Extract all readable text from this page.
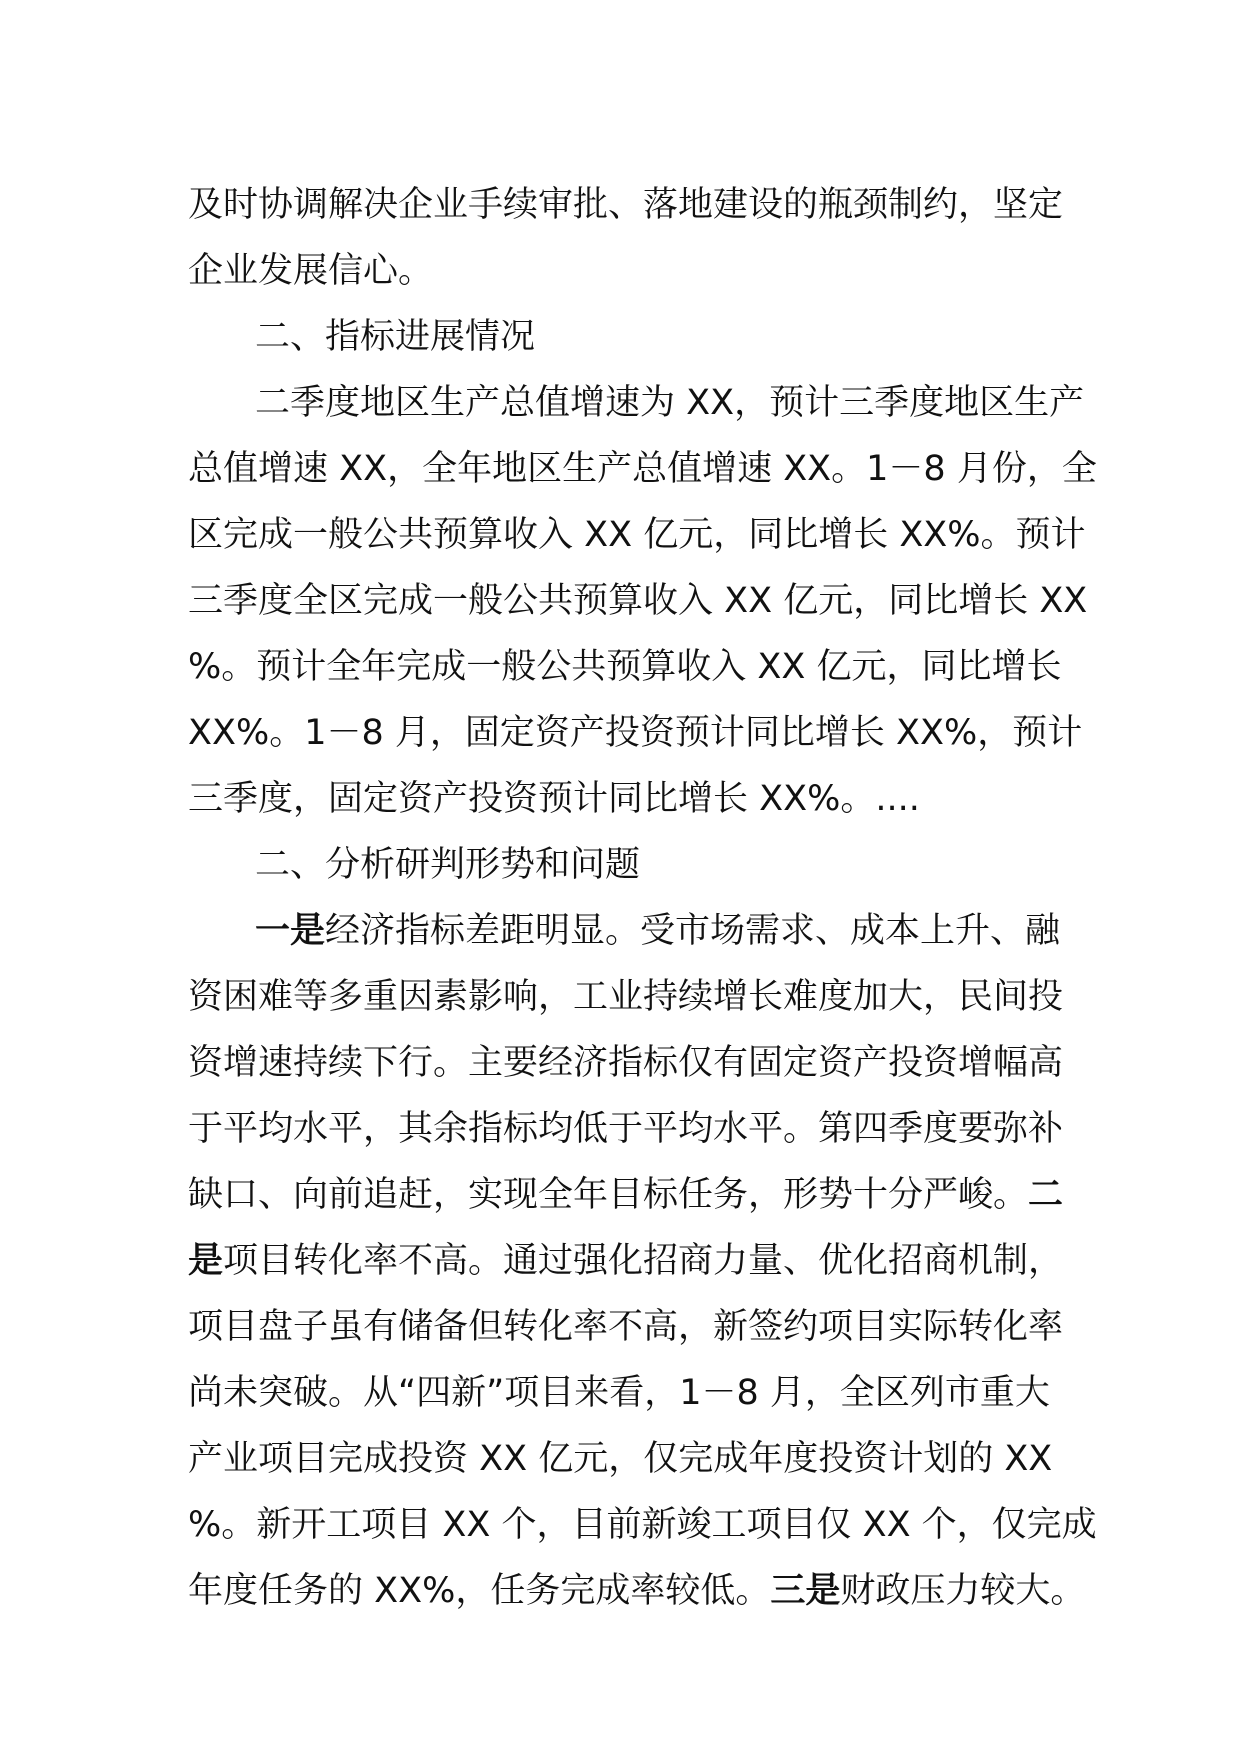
及时协调解决企业手续审批、落地建设的瓶颈制约，坚定
企业发展信心。
二、指标进展情况
二季度地区生产总值增速为 XX，预计三季度地区生产
总值增速 XX，全年地区生产总值增速 XX。1－8 月份，全
区完成一般公共预算收入 XX 亿元，同比增长 XX%。预计
三季度全区完成一般公共预算收入 XX 亿元，同比增长 XX
%。预计全年完成一般公共预算收入 XX 亿元，同比增长
XX%。1－8 月，固定资产投资预计同比增长 XX%，预计
三季度，固定资产投资预计同比增长 XX%。....
二、分析研判形势和问题
一是经济指标差距明显。受市场需求、成本上升、融
资困难等多重因素影响，工业持续增长难度加大，民间投
资增速持续下行。主要经济指标仅有固定资产投资增幅高
于平均水平，其余指标均低于平均水平。第四季度要弥补
缺口、向前追赶，实现全年目标任务，形势十分严峻。二
是项目转化率不高。通过强化招商力量、优化招商机制，
项目盘子虽有储备但转化率不高，新签约项目实际转化率
尚未突破。从“四新”项目来看，1－8 月，全区列市重大
产业项目完成投资 XX 亿元，仅完成年度投资计划的 XX
%。新开工项目 XX 个，目前新竣工项目仅 XX 个，仅完成
年度任务的 XX%，任务完成率较低。三是财政压力较大。
